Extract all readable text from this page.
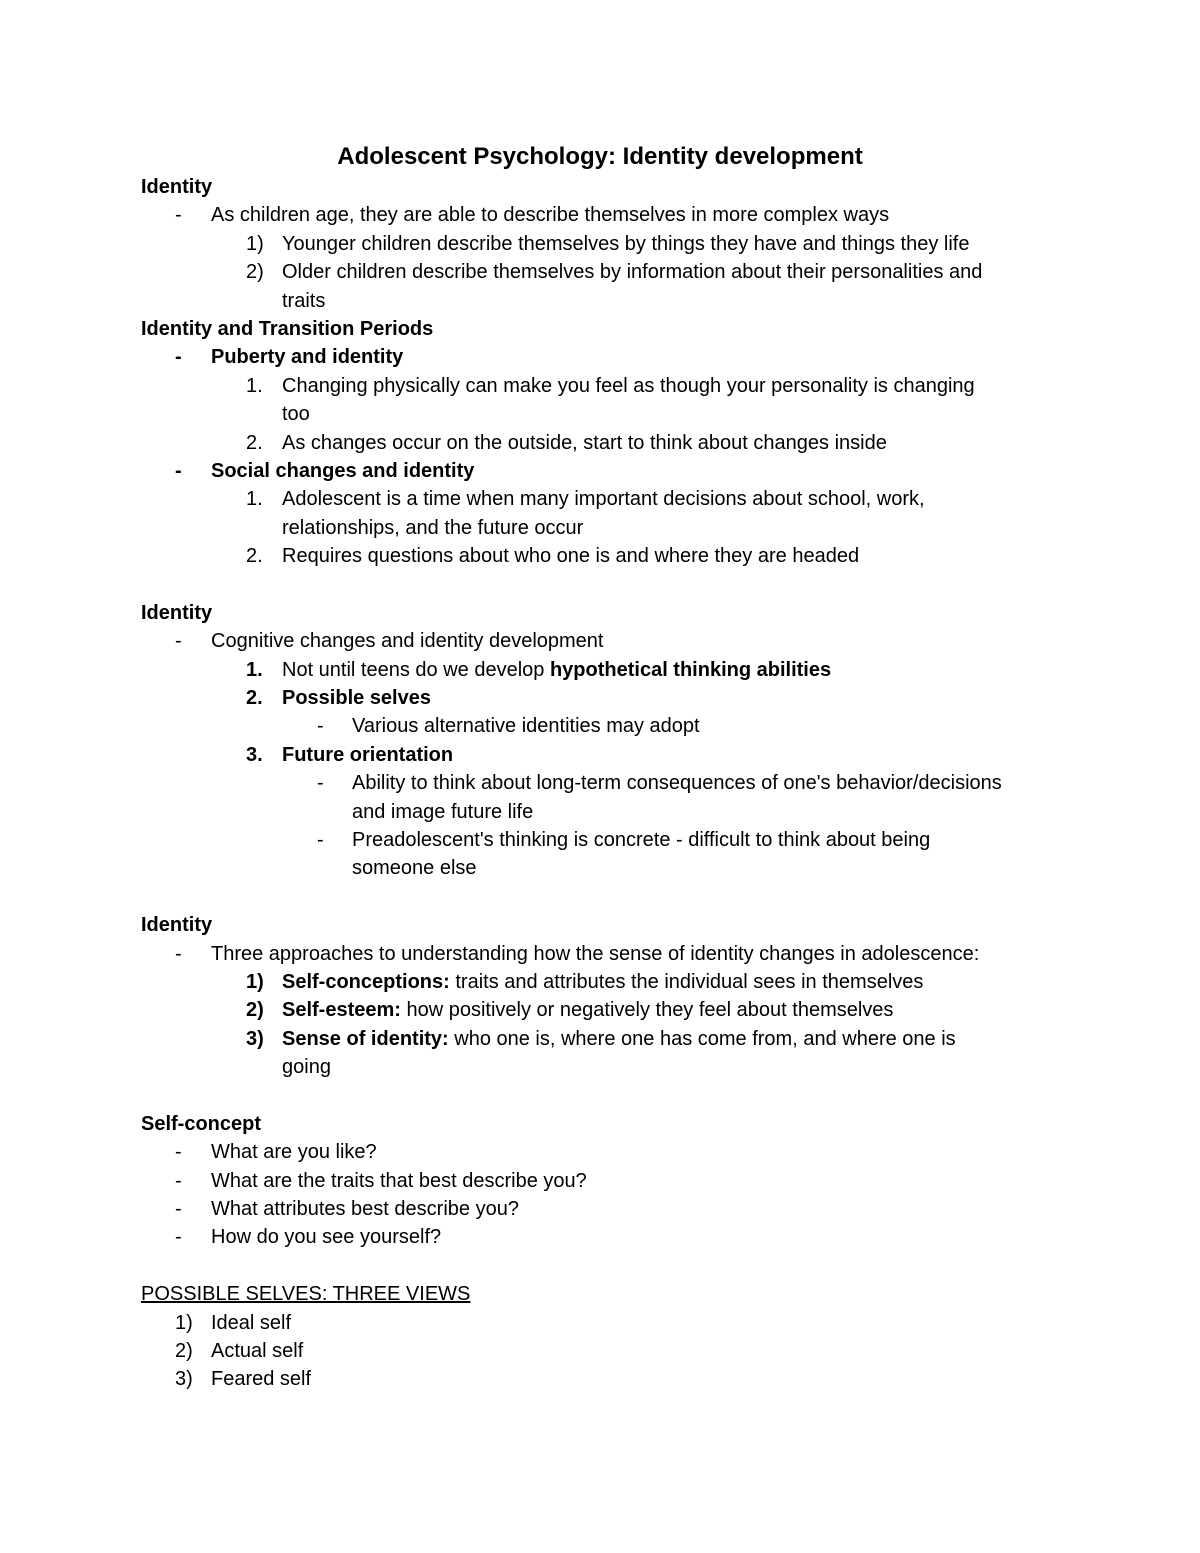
Adolescent Psychology: Identity development
Identity
- As children age, they are able to describe themselves in more complex ways
1) Younger children describe themselves by things they have and things they life
2) Older children describe themselves by information about their personalities and
traits
Identity and Transition Periods
- Puberty and identity
1. Changing physically can make you feel as though your personality is changing
too
2. As changes occur on the outside, start to think about changes inside
- Social changes and identity
1. Adolescent is a time when many important decisions about school, work,
relationships, and the future occur
2. Requires questions about who one is and where they are headed
Identity
- Cognitive changes and identity development
1. Not until teens do we develop hypothetical thinking abilities
2. Possible selves
- Various alternative identities may adopt
3. Future orientation
- Ability to think about long-term consequences of one's behavior/decisions
and image future life
- Preadolescent's thinking is concrete - difficult to think about being
someone else
Identity
- Three approaches to understanding how the sense of identity changes in adolescence:
1) Self-conceptions: traits and attributes the individual sees in themselves
2) Self-esteem: how positively or negatively they feel about themselves
3) Sense of identity: who one is, where one has come from, and where one is
going
Self-concept
- What are you like?
- What are the traits that best describe you?
- What attributes best describe you?
- How do you see yourself?
POSSIBLE SELVES: THREE VIEWS
1) Ideal self
2) Actual self
3) Feared self
